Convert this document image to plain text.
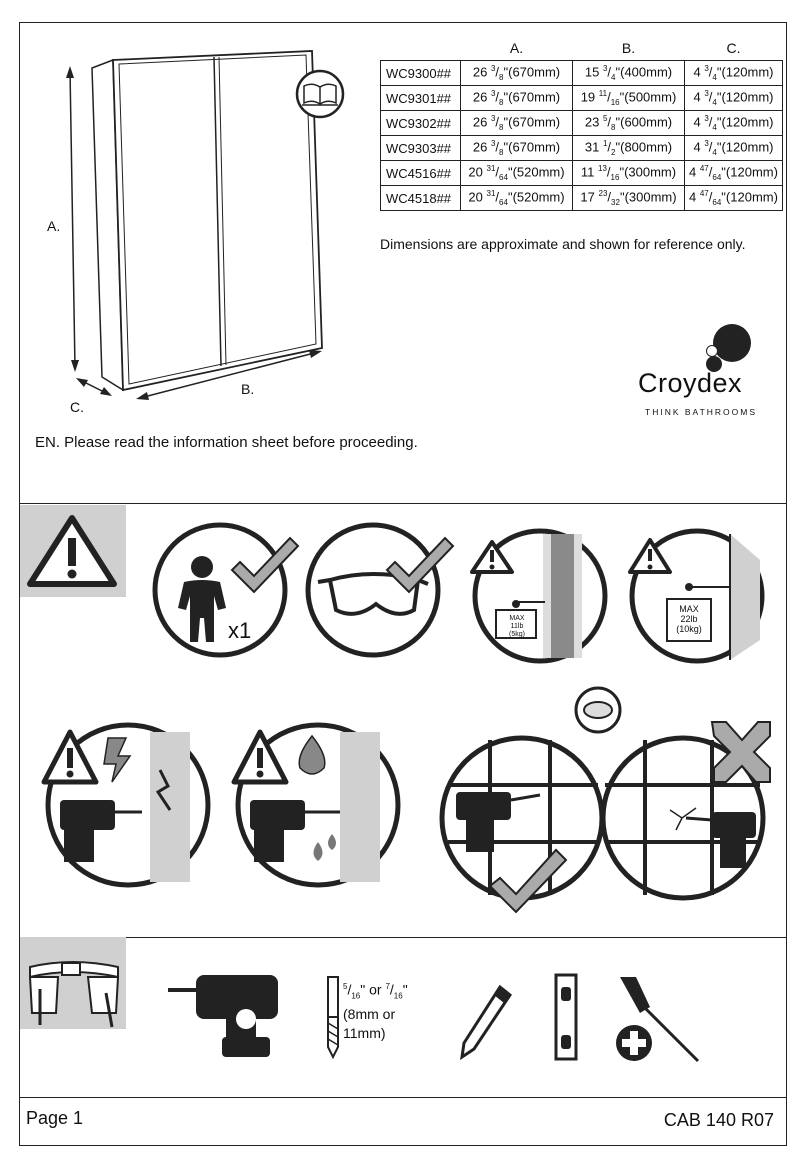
A.
B.
C.
	A.	B.	C.
WC9300##	26 $^3/_8"(670mm)$	15 $^3/_4"(400mm)$	4 $^3/_4"(120mm)$
WC9301##	26 $^3/_8"(670mm)$	19 $^{11}/_{16}"(500mm)$	4 $^3/_4"(120mm)$
WC9302##	26 $^3/_8"(670mm)$	23 $^5/_8"(600mm)$	4 $^3/_4"(120mm)$
WC9303##	26 $^3/_8"(670mm)$	31 $^1/_2"(800mm)$	4 $^3/_4"(120mm)$
WC4516##	20 $^{31}/_{64}"(520mm)$	11 $^{13}/_{16}"(300mm)$	4 $^{47}/_{64}"(120mm)$
WC4518##	20 $^{31}/_{64}"(520mm)$	17 $^{23}/_{32}"(300mm)$	4 $^{47}/_{64}"(120mm)$
Dimensions are approximate and shown for reference only.
Croydex
THINK BATHROOMS
EN. Please read the information sheet before proceeding.
MAX
11lb
(5kg)
MAX
22lb
(10kg)
x1
$^5/_{16}$" or $^7/_{16}$"
(8mm or
11mm)
Page 1	CAB 140 R07
